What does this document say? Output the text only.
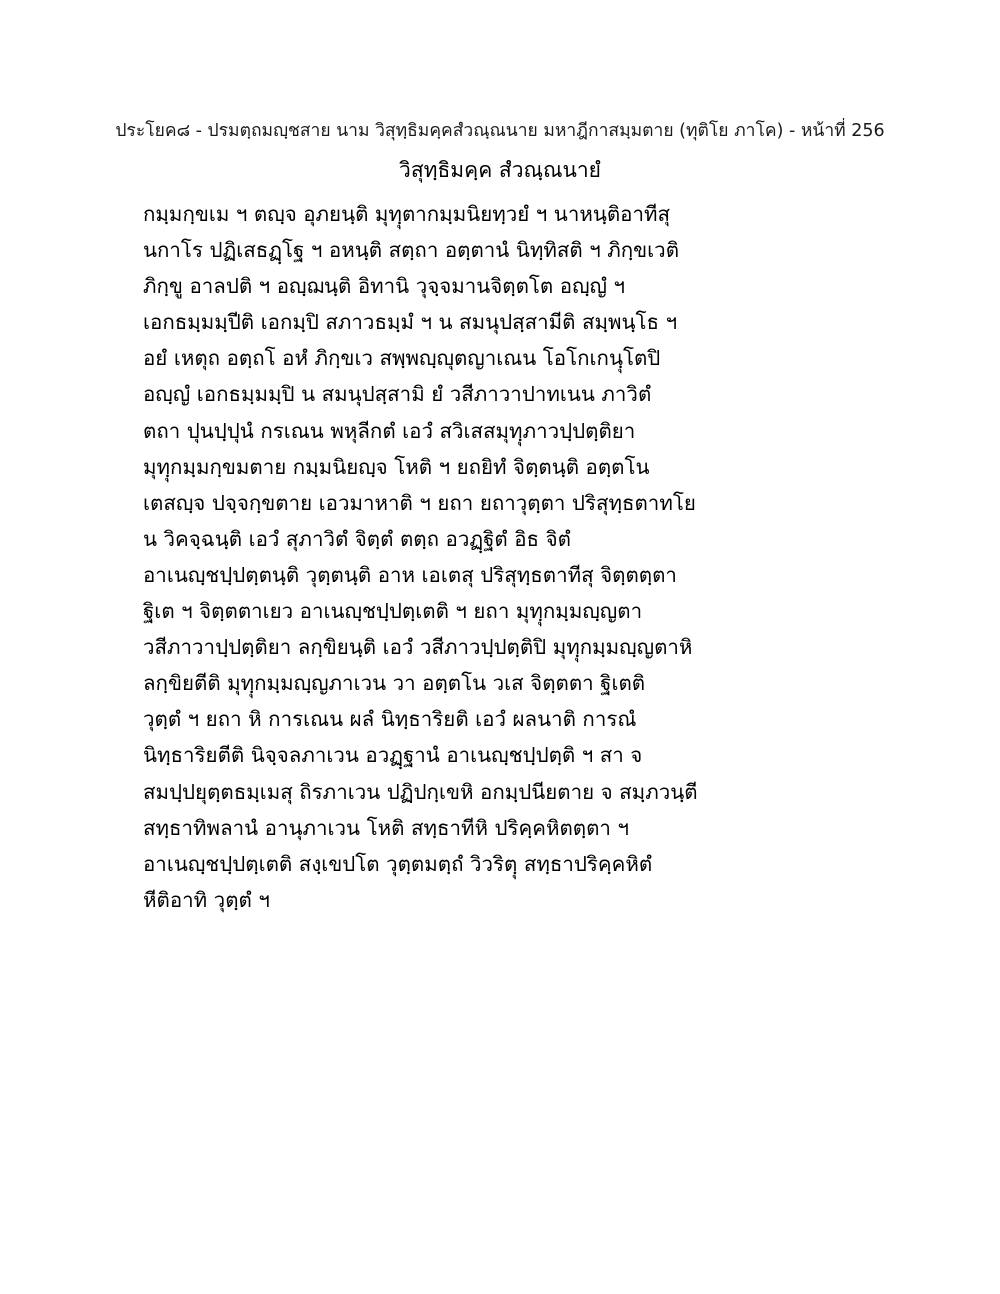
ประโยค๘ - ปรมตฺถมญฺชสาย นาม วิสุทฺธิมคฺคสํวณฺณนาย มหาฎีกาสมฺมตาย (ทุติโย ภาโค) - หน้าที่ 256
วิสุทฺธิมคฺค สํวณฺณนายํ
กมฺมกฺขเม ฯ ตญฺจ อุภยนฺติ มุทฺุตากมฺมนิยทฺวยํ ฯ นาหนฺติอาทีสุ
นกาโร ปฏิเสธฏฺโฐ ฯ อหนฺติ สตฺถา อตฺตานํ นิทฺทิสติ ฯ ภิกฺขเวติ
ภิกฺขู อาลปติ ฯ อญฺฌนฺติ อิทานิ วุจฺจมานจิตฺตโต อญฺญํ ฯ
เอกธมฺมมฺปีติ เอกมฺปิ สภาวธมฺมํ ฯ น สมนุปสฺสามีติ สมฺพนฺโธ ฯ
อยํ เหตุถ อตฺถโ อหํ ภิกฺขเว สพฺพญฺญุตญาเณน โอโกเกนฺุโตปิ
อญฺญํ เอกธมฺมมฺปิ น สมนุปสฺสามิ ยํ วสีภาวาปาทเนน ภาวิตํ
ตถา ปุนปฺปุนํ กรเณน พหุลีกตํ เอวํ สวิเสสมุทฺุภาวปฺปตฺติยา
มุทฺุกมฺมกฺขมตาย กมฺมนิยญฺจ โหติ ฯ ยถยิทํ จิตฺตนฺติ อตฺตโน
เตสญฺจ ปจฺจกฺขตาย เอวมาหาติ ฯ ยถา ยถาวุตฺตา ปริสุทฺธตาทโย
น วิคจฺฉนฺติ เอวํ สุภาวิตํ จิตฺตํ ตตฺถ อวฏฺฐิตํ อิธ จิตํ
อาเนญฺชปฺปตฺตนฺติ วุตฺตนฺติ อาห เอเตสุ ปริสุทฺธตาทีสุ จิตฺตตฺตา
ฐิเต ฯ จิตฺตตาเยว อาเนญฺชปฺปตฺเตติ ฯ ยถา มุทฺุกมฺมญฺญตา
วสีภาวาปฺปตฺติยา ลกฺขิยนฺติ เอวํ วสีภาวปฺปตฺติปิ มุทฺุกมฺมญฺญตาหิ
ลกฺขิยตีติ มุทฺุกมฺมญฺญภาเวน วา อตฺตโน วเส จิตฺตตา ฐิเตติ
วุตฺตํ ฯ ยถา หิ การเณน ผลํ นิทฺธาริยติ เอวํ ผลนาติ การณํ
นิทฺธาริยตีติ นิจฺจลภาเวน อวฏฺฐานํ อาเนญฺชปฺปตฺติ ฯ สา จ
สมปฺปยุตฺตธมฺเมสุ ถิรภาเวน ปฏิปกฺเขหิ อกมฺปนียตาย จ สมฺภวนฺตี
สทฺธาทิพลานํ อานุภาเวน โหติ สทฺธาทีหิ ปริคฺคหิตตฺตา ฯ
อาเนญฺชปฺปตฺเตติ สงฺเขปโต วุตฺตมตฺถํ วิวริตฺุ สทฺธาปริคฺคหิตํ
หีติอาทิ วุตฺตํ ฯ
